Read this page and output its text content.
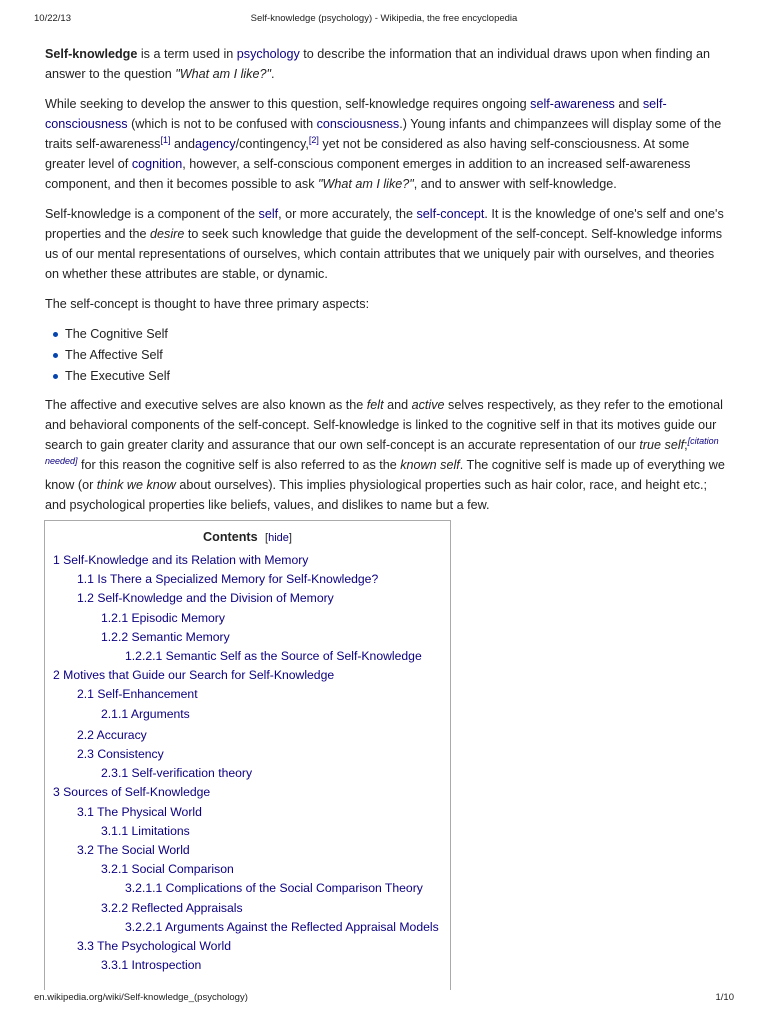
10/22/13	Self-knowledge (psychology) - Wikipedia, the free encyclopedia

Self-knowledge is a term used in psychology to describe the information that an individual draws upon when finding an answer to the question "What am I like?".

While seeking to develop the answer to this question, self-knowledge requires ongoing self-awareness and self-consciousness (which is not to be confused with consciousness.) Young infants and chimpanzees will display some of the traits self-awareness[1] andagency/contingency,[2] yet not be considered as also having self-consciousness. At some greater level of cognition, however, a self-conscious component emerges in addition to an increased self-awareness component, and then it becomes possible to ask "What am I like?", and to answer with self-knowledge.

Self-knowledge is a component of the self, or more accurately, the self-concept. It is the knowledge of one's self and one's properties and the desire to seek such knowledge that guide the development of the self-concept. Self-knowledge informs us of our mental representations of ourselves, which contain attributes that we uniquely pair with ourselves, and theories on whether these attributes are stable, or dynamic.

The self-concept is thought to have three primary aspects:

The Cognitive Self
The Affective Self
The Executive Self

The affective and executive selves are also known as the felt and active selves respectively, as they refer to the emotional and behavioral components of the self-concept. Self-knowledge is linked to the cognitive self in that its motives guide our search to gain greater clarity and assurance that our own self-concept is an accurate representation of our true self;[citation needed] for this reason the cognitive self is also referred to as the known self. The cognitive self is made up of everything we know (or think we know about ourselves). This implies physiological properties such as hair color, race, and height etc.; and psychological properties like beliefs, values, and dislikes to name but a few.

Contents [hide]
1 Self-Knowledge and its Relation with Memory
1.1 Is There a Specialized Memory for Self-Knowledge?
1.2 Self-Knowledge and the Division of Memory
1.2.1 Episodic Memory
1.2.2 Semantic Memory
1.2.2.1 Semantic Self as the Source of Self-Knowledge
2 Motives that Guide our Search for Self-Knowledge
2.1 Self-Enhancement
2.1.1 Arguments
2.2 Accuracy
2.3 Consistency
2.3.1 Self-verification theory
3 Sources of Self-Knowledge
3.1 The Physical World
3.1.1 Limitations
3.2 The Social World
3.2.1 Social Comparison
3.2.1.1 Complications of the Social Comparison Theory
3.2.2 Reflected Appraisals
3.2.2.1 Arguments Against the Reflected Appraisal Models
3.3 The Psychological World
3.3.1 Introspection
en.wikipedia.org/wiki/Self-knowledge_(psychology)	1/10
